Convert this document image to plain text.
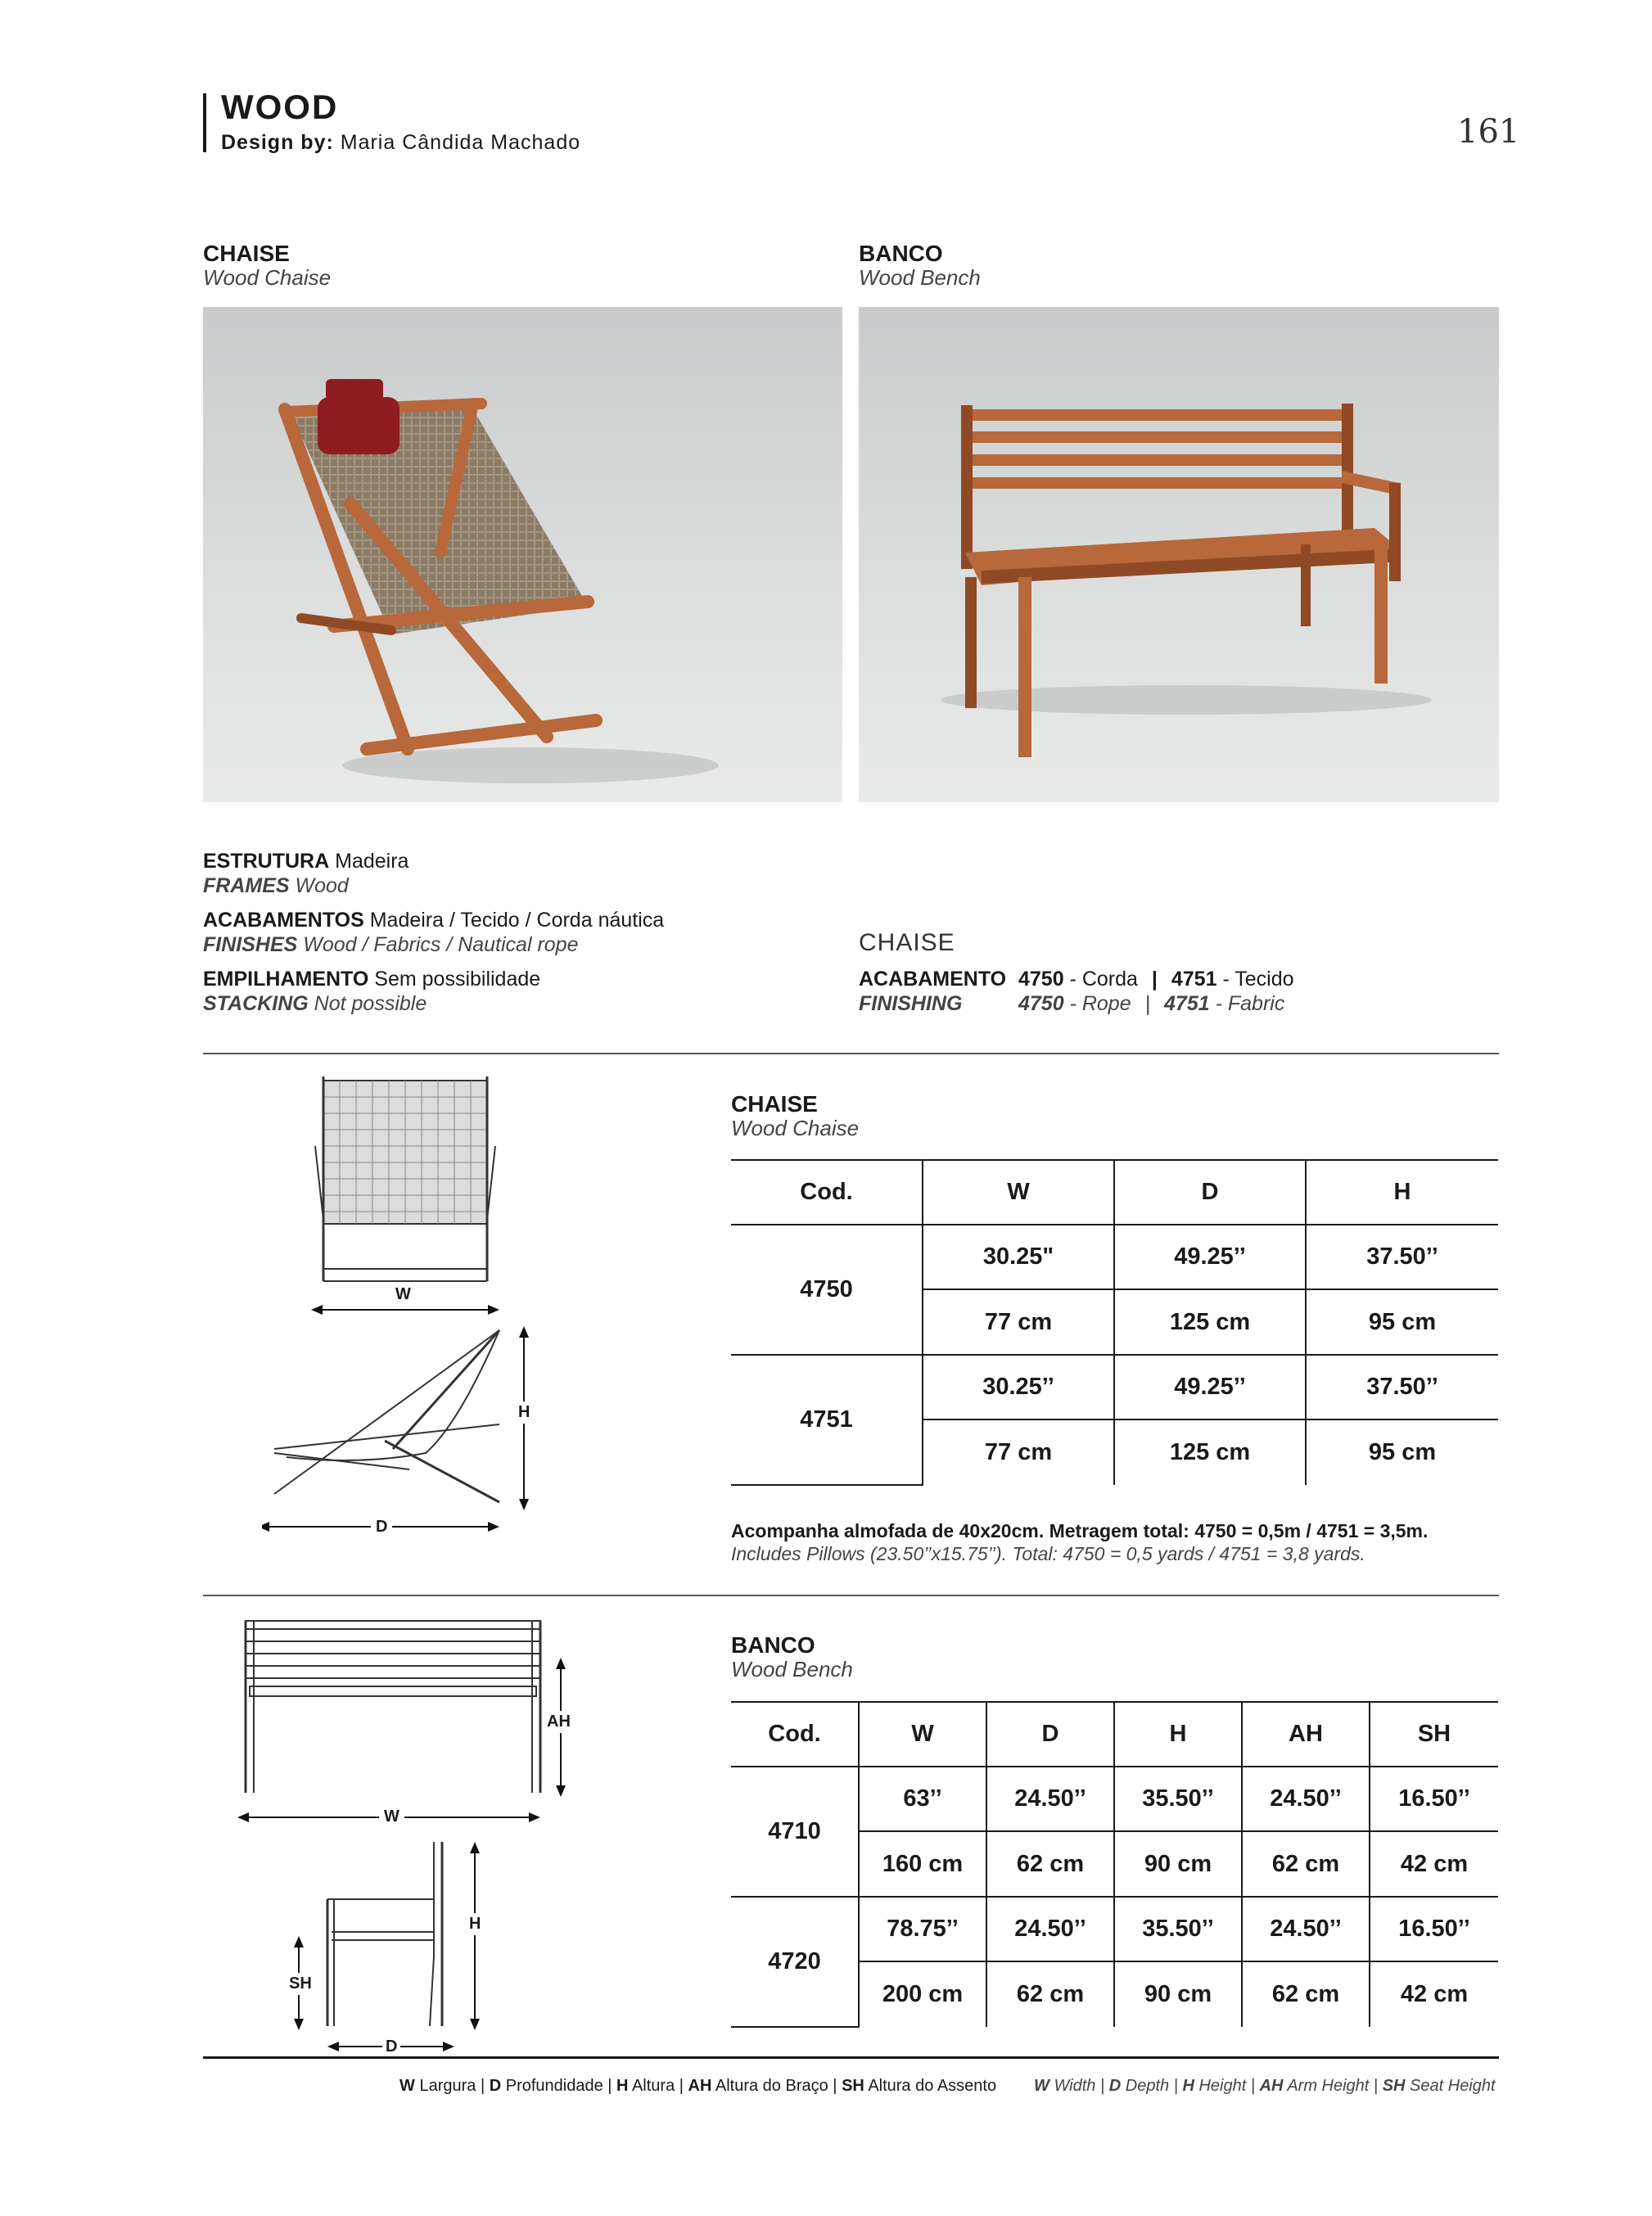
WOOD
Design by: Maria Cândida Machado	161
CHAISE
Wood Chaise
BANCO
Wood Bench
ESTRUTURA Madeira
FRAMES Wood
ACABAMENTOS Madeira / Tecido / Corda náutica
FINISHES Wood / Fabrics / Nautical rope
EMPILHAMENTO Sem possibilidade
STACKING Not possible
CHAISE
ACABAMENTO
FINISHING
4750 - Corda | 4751 - Tecido
4750 - Rope | 4751 - Fabric
W
H
D
CHAISE
Wood Chaise
Cod.	W	D	H
4750	30.25"	49.25’’	37.50’’
	77 cm	125 cm	95 cm
4751	30.25’’	49.25’’	37.50’’
	77 cm	125 cm	95 cm
Acompanha almofada de 40x20cm. Metragem total: 4750 = 0,5m / 4751 = 3,5m.
Includes Pillows (23.50’’x15.75’’). Total: 4750 = 0,5 yards / 4751 = 3,8 yards.
AH
W
H
SH
D
BANCO
Wood Bench
Cod.	W	D	H	AH	SH
4710	63’’	24.50’’	35.50’’	24.50’’	16.50’’
	160 cm	62 cm	90 cm	62 cm	42 cm
4720	78.75’’	24.50’’	35.50’’	24.50’’	16.50’’
	200 cm	62 cm	90 cm	62 cm	42 cm
W Largura | D Profundidade | H Altura | AH Altura do Braço | SH Altura do Assento W Width | D Depth | H Height | AH Arm Height | SH Seat Height
